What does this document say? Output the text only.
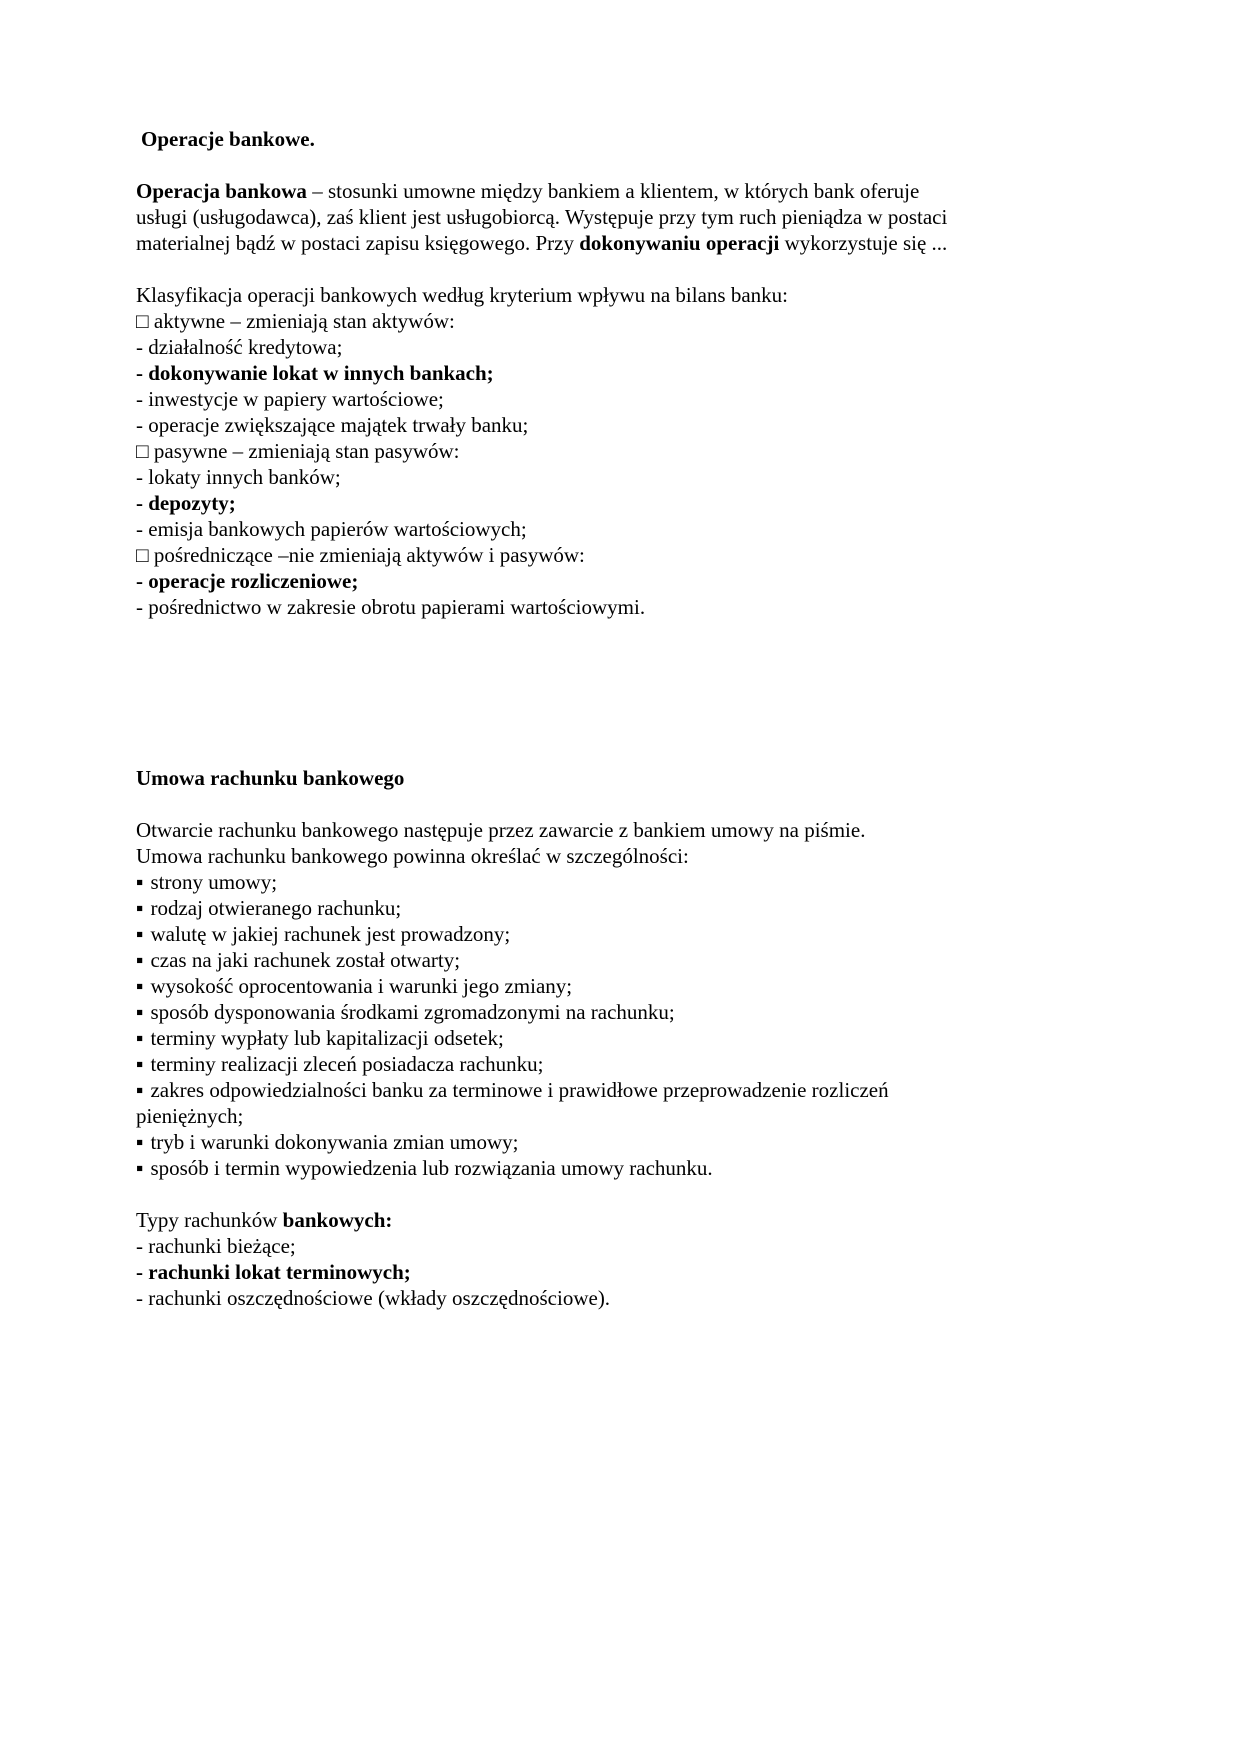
Operacje bankowe.
Operacja bankowa – stosunki umowne między bankiem a klientem, w których bank oferuje usługi (usługodawca), zaś klient jest usługobiorcą. Występuje przy tym ruch pieniądza w postaci materialnej bądź w postaci zapisu księgowego. Przy dokonywaniu operacji wykorzystuje się ...
Klasyfikacja operacji bankowych według kryterium wpływu na bilans banku:
□ aktywne – zmieniają stan aktywów:
- działalność kredytowa;
- dokonywanie lokat w innych bankach;
- inwestycje w papiery wartościowe;
- operacje zwiększające majątek trwały banku;
□ pasywne – zmieniają stan pasywów:
- lokaty innych banków;
- depozyty;
- emisja bankowych papierów wartościowych;
□ pośredniczące –nie zmieniają aktywów i pasywów:
- operacje rozliczeniowe;
- pośrednictwo w zakresie obrotu papierami wartościowymi.
Umowa rachunku bankowego
Otwarcie rachunku bankowego następuje przez zawarcie z bankiem umowy na piśmie.
Umowa rachunku bankowego powinna określać w szczególności:
▪ strony umowy;
▪ rodzaj otwieranego rachunku;
▪ walutę w jakiej rachunek jest prowadzony;
▪ czas na jaki rachunek został otwarty;
▪ wysokość oprocentowania i warunki jego zmiany;
▪ sposób dysponowania środkami zgromadzonymi na rachunku;
▪ terminy wypłaty lub kapitalizacji odsetek;
▪ terminy realizacji zleceń posiadacza rachunku;
▪ zakres odpowiedzialności banku za terminowe i prawidłowe przeprowadzenie rozliczeń pieniężnych;
▪ tryb i warunki dokonywania zmian umowy;
▪ sposób i termin wypowiedzenia lub rozwiązania umowy rachunku.
Typy rachunków bankowych:
- rachunki bieżące;
- rachunki lokat terminowych;
- rachunki oszczędnościowe (wkłady oszczędnościowe).
